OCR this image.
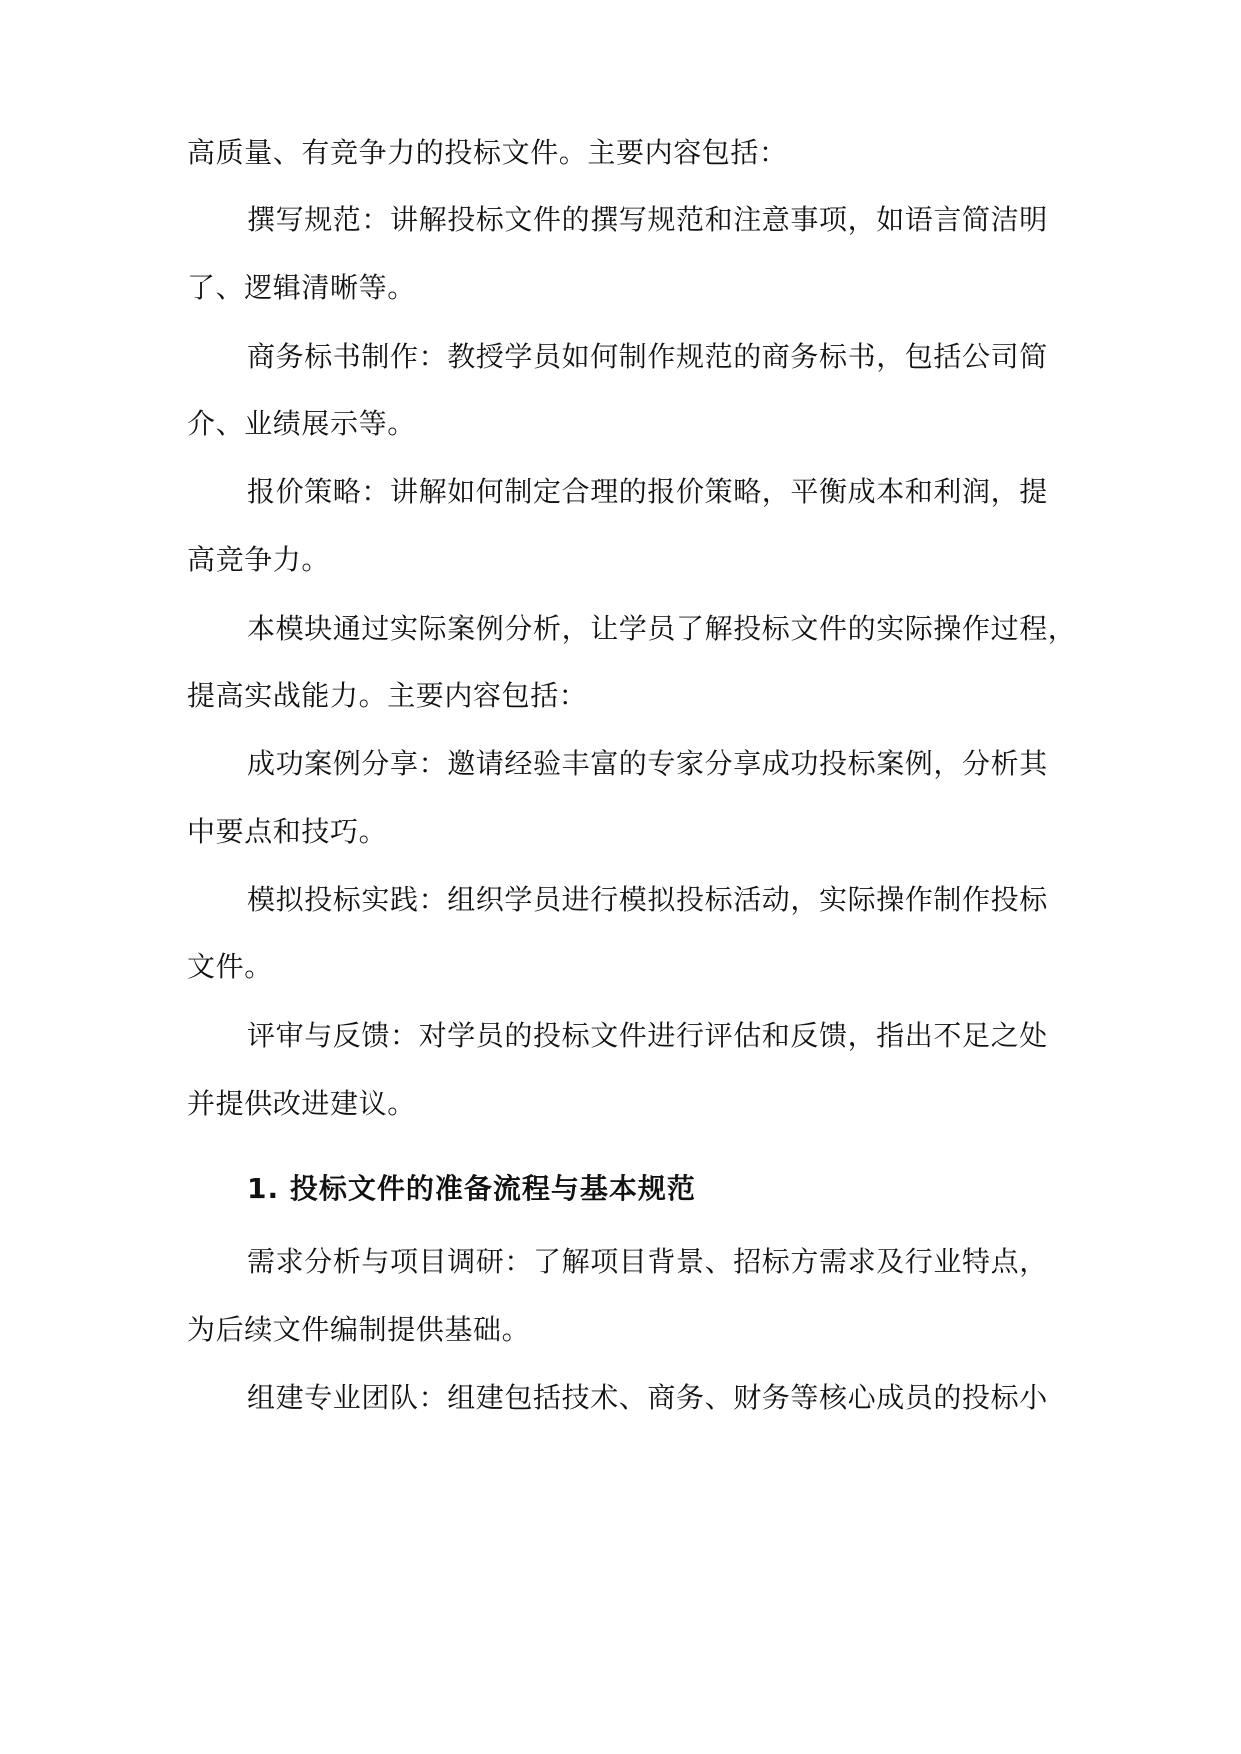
高质量、有竞争力的投标文件。主要内容包括：
撰写规范：讲解投标文件的撰写规范和注意事项，如语言简洁明
了、逻辑清晰等。
商务标书制作：教授学员如何制作规范的商务标书，包括公司简
介、业绩展示等。
报价策略：讲解如何制定合理的报价策略，平衡成本和利润，提
高竞争力。
本模块通过实际案例分析，让学员了解投标文件的实际操作过程，
提高实战能力。主要内容包括：
成功案例分享：邀请经验丰富的专家分享成功投标案例，分析其
中要点和技巧。
模拟投标实践：组织学员进行模拟投标活动，实际操作制作投标
文件。
评审与反馈：对学员的投标文件进行评估和反馈，指出不足之处
并提供改进建议。
1. 投标文件的准备流程与基本规范
需求分析与项目调研：了解项目背景、招标方需求及行业特点，
为后续文件编制提供基础。
组建专业团队：组建包括技术、商务、财务等核心成员的投标小
